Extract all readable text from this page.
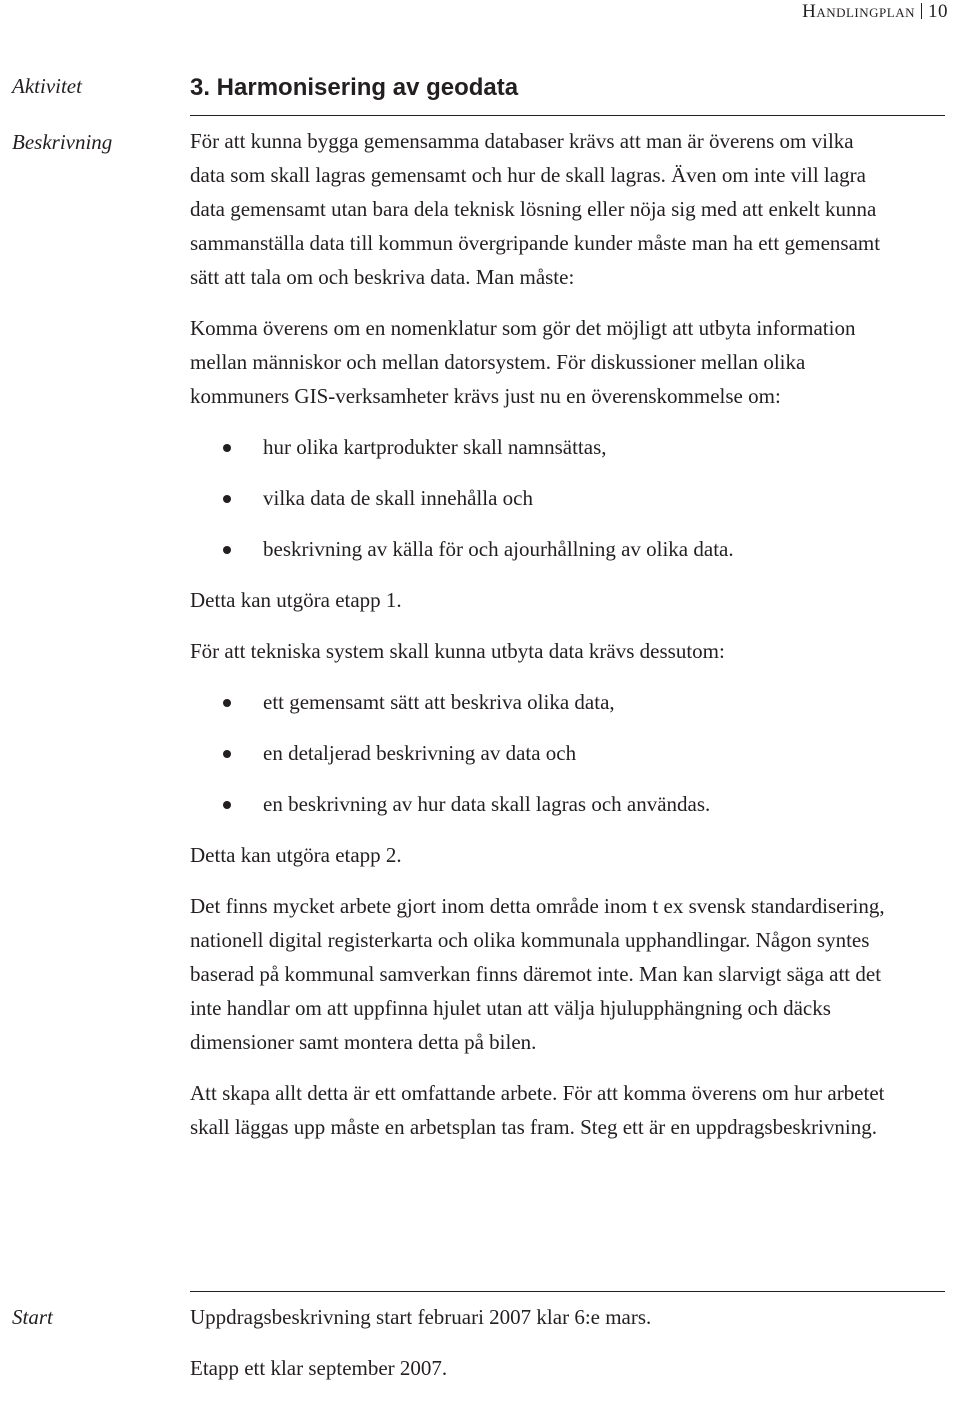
Handlingplan 10
Aktivitet	3. Harmonisering av geodata
Beskrivning	För att kunna bygga gemensamma databaser krävs att man är överens om vilka data som skall lagras gemensamt och hur de skall lagras. Även om inte vill lagra data gemensamt utan bara dela teknisk lösning eller nöja sig med att enkelt kunna sammanställa data till kommun övergripande kunder måste man ha ett gemensamt sätt att tala om och beskriva data. Man måste:

Komma överens om en nomenklatur som gör det möjligt att utbyta information mellan människor och mellan datorsystem. För diskussioner mellan olika kommuners GIS-verksamheter krävs just nu en överenskommelse om:

hur olika kartprodukter skall namnsättas,
vilka data de skall innehålla och
beskrivning av källa för och ajourhållning av olika data.

Detta kan utgöra etapp 1.

För att tekniska system skall kunna utbyta data krävs dessutom:

ett gemensamt sätt att beskriva olika data,
en detaljerad beskrivning av data och
en beskrivning av hur data skall lagras och användas.

Detta kan utgöra etapp 2.

Det finns mycket arbete gjort inom detta område inom t ex svensk standardisering, nationell digital registerkarta och olika kommunala upphandlingar. Någon syntes baserad på kommunal samverkan finns däremot inte. Man kan slarvigt säga att det inte handlar om att uppfinna hjulet utan att välja hjulupphängning och däcks dimensioner samt montera detta på bilen.

Att skapa allt detta är ett omfattande arbete. För att komma överens om hur arbetet skall läggas upp måste en arbetsplan tas fram. Steg ett är en uppdragsbeskrivning.

Start	Uppdragsbeskrivning start februari 2007 klar 6:e mars.

Etapp ett klar september 2007.
